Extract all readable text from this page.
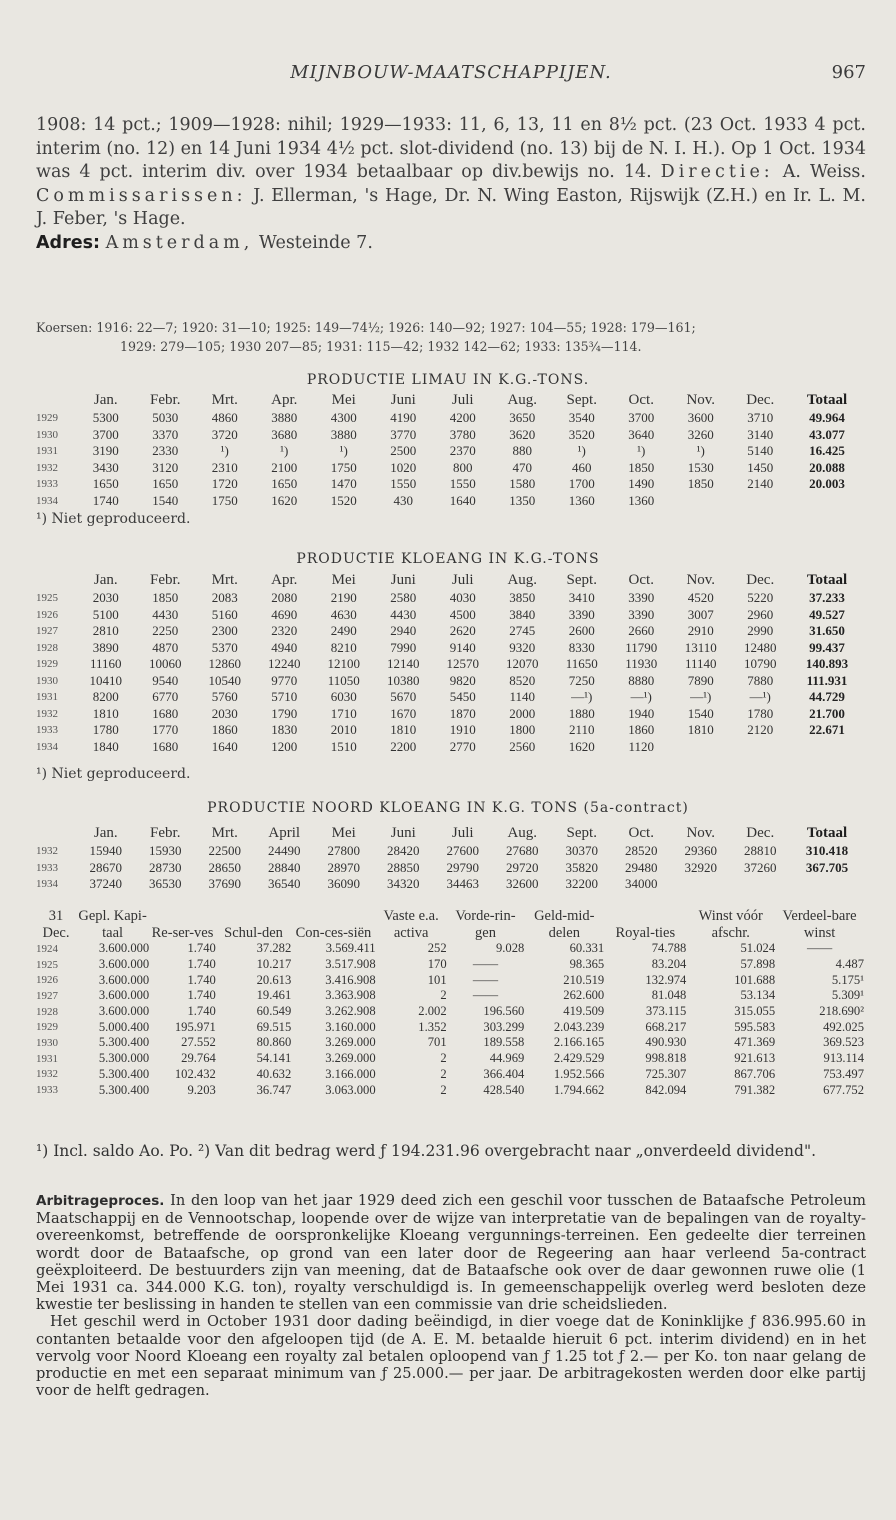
MIJNBOUW-MAATSCHAPPIJEN.	967

1908: 14 pct.; 1909—1928: nihil; 1929—1933: 11, 6, 13, 11 en 8½ pct. (23 Oct. 1933 4 pct. interim (no. 12) en 14 Juni 1934 4½ pct. slot-dividend (no. 13) bij de N. I. H.). Op 1 Oct. 1934 was 4 pct. interim div. over 1934 betaalbaar op div.bewijs no. 14. Directie: A. Weiss. Commissarissen: J. Ellerman, 's Hage, Dr. N. Wing Easton, Rijswijk (Z.H.) en Ir. L. M. J. Feber, 's Hage.

Adres: Amsterdam, Westeinde 7.

Koersen: 1916: 22—7; 1920: 31—10; 1925: 149—74½; 1926: 140—92; 1927: 104—55; 1928: 179—161;
1929: 279—105; 1930 207—85; 1931: 115—42; 1932 142—62; 1933: 135¾—114.
PRODUCTIE LIMAU IN K.G.-TONS.
	Jan.	Febr.	Mrt.	Apr.	Mei	Juni	Juli	Aug.	Sept.	Oct.	Nov.	Dec.	Totaal
1929	5300	5030	4860	3880	4300	4190	4200	3650	3540	3700	3600	3710	49.964
1930	3700	3370	3720	3680	3880	3770	3780	3620	3520	3640	3260	3140	43.077
1931	3190	2330	¹)	¹)	¹)	2500	2370	880	¹)	¹)	¹)	5140	16.425
1932	3430	3120	2310	2100	1750	1020	800	470	460	1850	1530	1450	20.088
1933	1650	1650	1720	1650	1470	1550	1550	1580	1700	1490	1850	2140	20.003
1934	1740	1540	1750	1620	1520	430	1640	1350	1360	1360			
¹) Niet geproduceerd.
PRODUCTIE KLOEANG IN K.G.-TONS
	Jan.	Febr.	Mrt.	Apr.	Mei	Juni	Juli	Aug.	Sept.	Oct.	Nov.	Dec.	Totaal
1925	2030	1850	2083	2080	2190	2580	4030	3850	3410	3390	4520	5220	37.233
1926	5100	4430	5160	4690	4630	4430	4500	3840	3390	3390	3007	2960	49.527
1927	2810	2250	2300	2320	2490	2940	2620	2745	2600	2660	2910	2990	31.650
1928	3890	4870	5370	4940	8210	7990	9140	9320	8330	11790	13110	12480	99.437
1929	11160	10060	12860	12240	12100	12140	12570	12070	11650	11930	11140	10790	140.893
1930	10410	9540	10540	9770	11050	10380	9820	8520	7250	8880	7890	7880	111.931
1931	8200	6770	5760	5710	6030	5670	5450	1140	—¹)	—¹)	—¹)	—¹)	44.729
1932	1810	1680	2030	1790	1710	1670	1870	2000	1880	1940	1540	1780	21.700
1933	1780	1770	1860	1830	2010	1810	1910	1800	2110	1860	1810	2120	22.671
1934	1840	1680	1640	1200	1510	2200	2770	2560	1620	1120			
¹) Niet geproduceerd.
PRODUCTIE NOORD KLOEANG IN K.G. TONS (5a-contract)
	Jan.	Febr.	Mrt.	April	Mei	Juni	Juli	Aug.	Sept.	Oct.	Nov.	Dec.	Totaal
1932	15940	15930	22500	24490	27800	28420	27600	27680	30370	28520	29360	28810	310.418
1933	28670	28730	28650	28840	28970	28850	29790	29720	35820	29480	32920	37260	367.705
1934	37240	36530	37690	36540	36090	34320	34463	32600	32200	34000			
31 Dec.	Gepl. Kapi-taal	Re-ser-ves	Schul-den	Con-ces-siën	Vaste e.a. activa	Vorde-rin-gen	Geld-mid-delen	Royal-ties	Winst vóór afschr.	Verdeel-bare winst
1924	3.600.000	1.740	37.282	3.569.411	252	9.028	60.331	74.788	51.024	——
1925	3.600.000	1.740	10.217	3.517.908	170	——	98.365	83.204	57.898	4.487
1926	3.600.000	1.740	20.613	3.416.908	101	——	210.519	132.974	101.688	5.175¹
1927	3.600.000	1.740	19.461	3.363.908	2	——	262.600	81.048	53.134	5.309¹
1928	3.600.000	1.740	60.549	3.262.908	2.002	196.560	419.509	373.115	315.055	218.690²
1929	5.000.400	195.971	69.515	3.160.000	1.352	303.299	2.043.239	668.217	595.583	492.025
1930	5.300.400	27.552	80.860	3.269.000	701	189.558	2.166.165	490.930	471.369	369.523
1931	5.300.000	29.764	54.141	3.269.000	2	44.969	2.429.529	998.818	921.613	913.114
1932	5.300.400	102.432	40.632	3.166.000	2	366.404	1.952.566	725.307	867.706	753.497
1933	5.300.400	9.203	36.747	3.063.000	2	428.540	1.794.662	842.094	791.382	677.752

¹) Incl. saldo Ao. Po. ²) Van dit bedrag werd ƒ 194.231.96 overgebracht naar „onverdeeld dividend".

Arbitrageproces. In den loop van het jaar 1929 deed zich een geschil voor tusschen de Bataafsche Petroleum Maatschappij en de Vennootschap, loopende over de wijze van interpretatie van de bepalingen van de royalty-overeenkomst, betreffende de oorspronkelijke Kloeang vergunnings-terreinen. Een gedeelte dier terreinen wordt door de Bataafsche, op grond van een later door de Regeering aan haar verleend 5a-contract geëxploiteerd. De bestuurders zijn van meening, dat de Bataafsche ook over de daar gewonnen ruwe olie (1 Mei 1931 ca. 344.000 K.G. ton), royalty verschuldigd is. In gemeenschappelijk overleg werd besloten deze kwestie ter beslissing in handen te stellen van een commissie van drie scheidslieden.

Het geschil werd in October 1931 door dading beëindigd, in dier voege dat de Koninklijke ƒ 836.995.60 in contanten betaalde voor den afgeloopen tijd (de A. E. M. betaalde hieruit 6 pct. interim dividend) en in het vervolg voor Noord Kloeang een royalty zal betalen oploopend van ƒ 1.25 tot ƒ 2.— per Ko. ton naar gelang de productie en met een separaat minimum van ƒ 25.000.— per jaar. De arbitragekosten werden door elke partij voor de helft gedragen.
